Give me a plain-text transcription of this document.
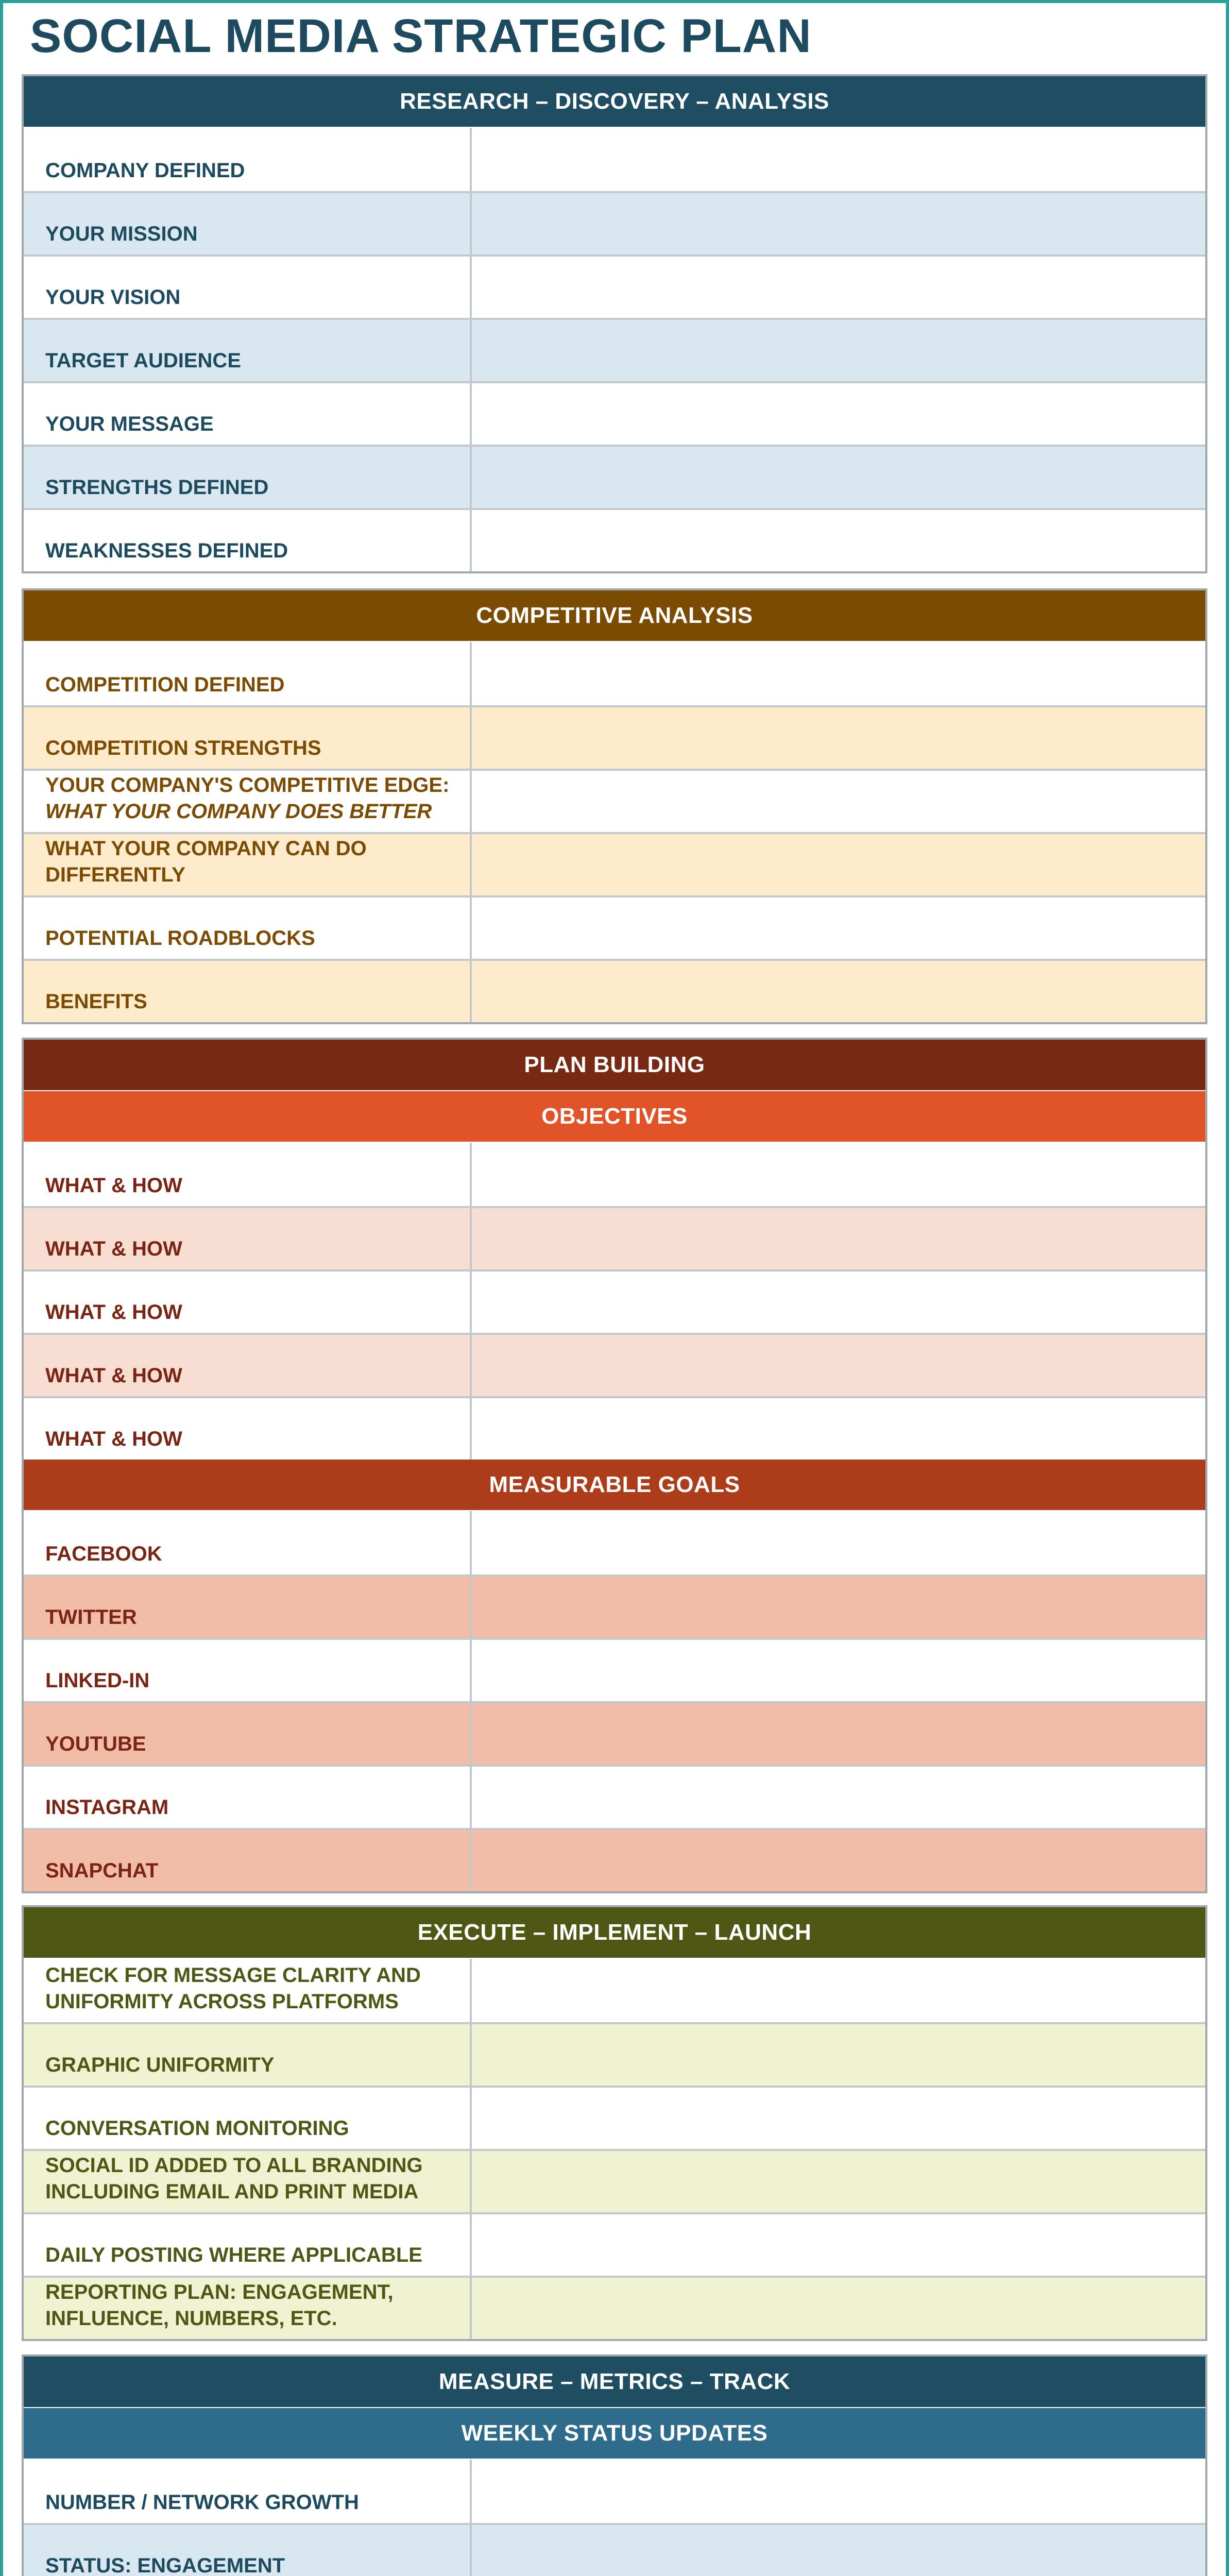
SOCIAL MEDIA STRATEGIC PLAN
RESEARCH – DISCOVERY – ANALYSIS
COMPANY DEFINED
YOUR MISSION
YOUR VISION
TARGET AUDIENCE
YOUR MESSAGE
STRENGTHS DEFINED
WEAKNESSES DEFINED
COMPETITIVE ANALYSIS
COMPETITION DEFINED
COMPETITION STRENGTHS
YOUR COMPANY'S COMPETITIVE EDGE:
WHAT YOUR COMPANY DOES BETTER
WHAT YOUR COMPANY CAN DO
DIFFERENTLY
POTENTIAL ROADBLOCKS
BENEFITS
PLAN BUILDING
OBJECTIVES
WHAT & HOW
WHAT & HOW
WHAT & HOW
WHAT & HOW
WHAT & HOW
MEASURABLE GOALS
FACEBOOK
TWITTER
LINKED-IN
YOUTUBE
INSTAGRAM
SNAPCHAT
EXECUTE – IMPLEMENT – LAUNCH
CHECK FOR MESSAGE CLARITY AND
UNIFORMITY ACROSS PLATFORMS
GRAPHIC UNIFORMITY
CONVERSATION MONITORING
SOCIAL ID ADDED TO ALL BRANDING
INCLUDING EMAIL AND PRINT MEDIA
DAILY POSTING WHERE APPLICABLE
REPORTING PLAN: ENGAGEMENT,
INFLUENCE, NUMBERS, ETC.
MEASURE – METRICS – TRACK
WEEKLY STATUS UPDATES
NUMBER / NETWORK GROWTH
STATUS: ENGAGEMENT
